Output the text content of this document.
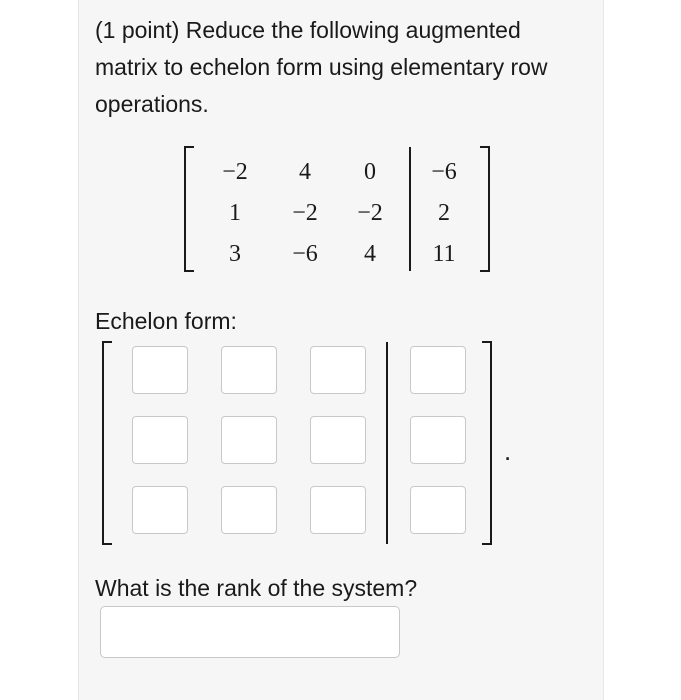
(1 point) Reduce the following augmented matrix to echelon form using elementary row operations.

−2	4	0	−6
1	−2	−2	2
3	−6	4	11
Echelon form:
.
What is the rank of the system?
